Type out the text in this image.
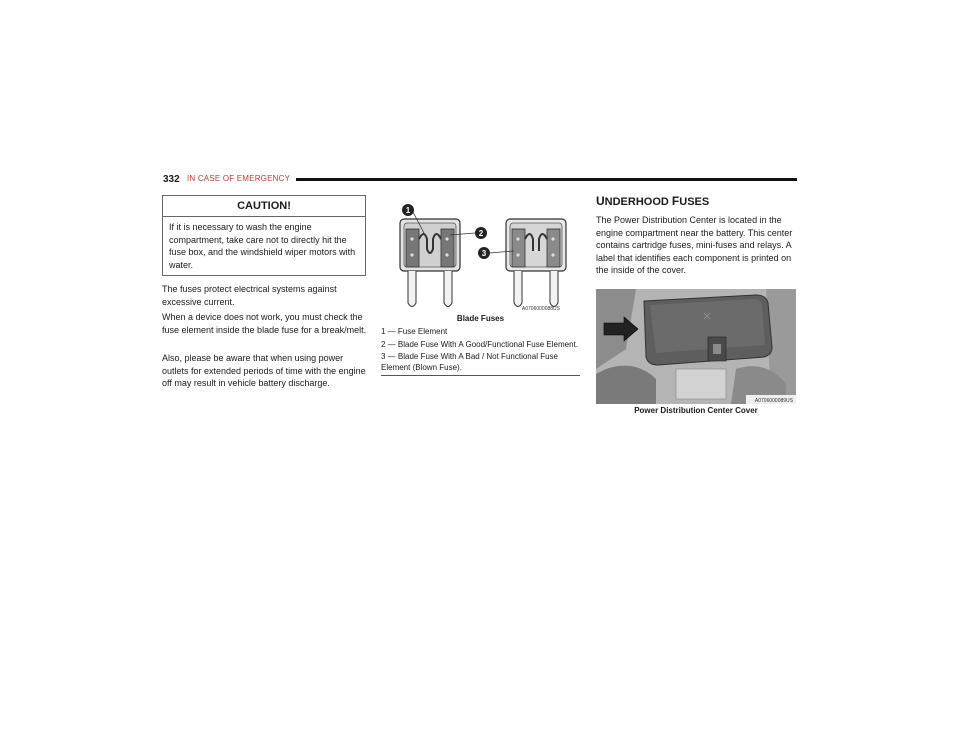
332 IN CASE OF EMERGENCY
CAUTION!
If it is necessary to wash the engine compartment, take care not to directly hit the fuse box, and the windshield wiper motors with water.

The fuses protect electrical systems against excessive current.

When a device does not work, you must check the fuse element inside the blade fuse for a break/melt.

Also, please be aware that when using power outlets for extended periods of time with the engine off may result in vehicle battery discharge.

1
2
3
A0706000088US
Blade Fuses
1 — Fuse Element
2 — Blade Fuse With A Good/Functional Fuse Element.
3 — Blade Fuse With A Bad / Not Functional Fuse Element (Blown Fuse).
UNDERHOOD FUSES

The Power Distribution Center is located in the engine compartment near the battery. This center contains cartridge fuses, mini-fuses and relays. A label that identifies each component is printed on the inside of the cover.

A0706000089US
Power Distribution Center Cover
